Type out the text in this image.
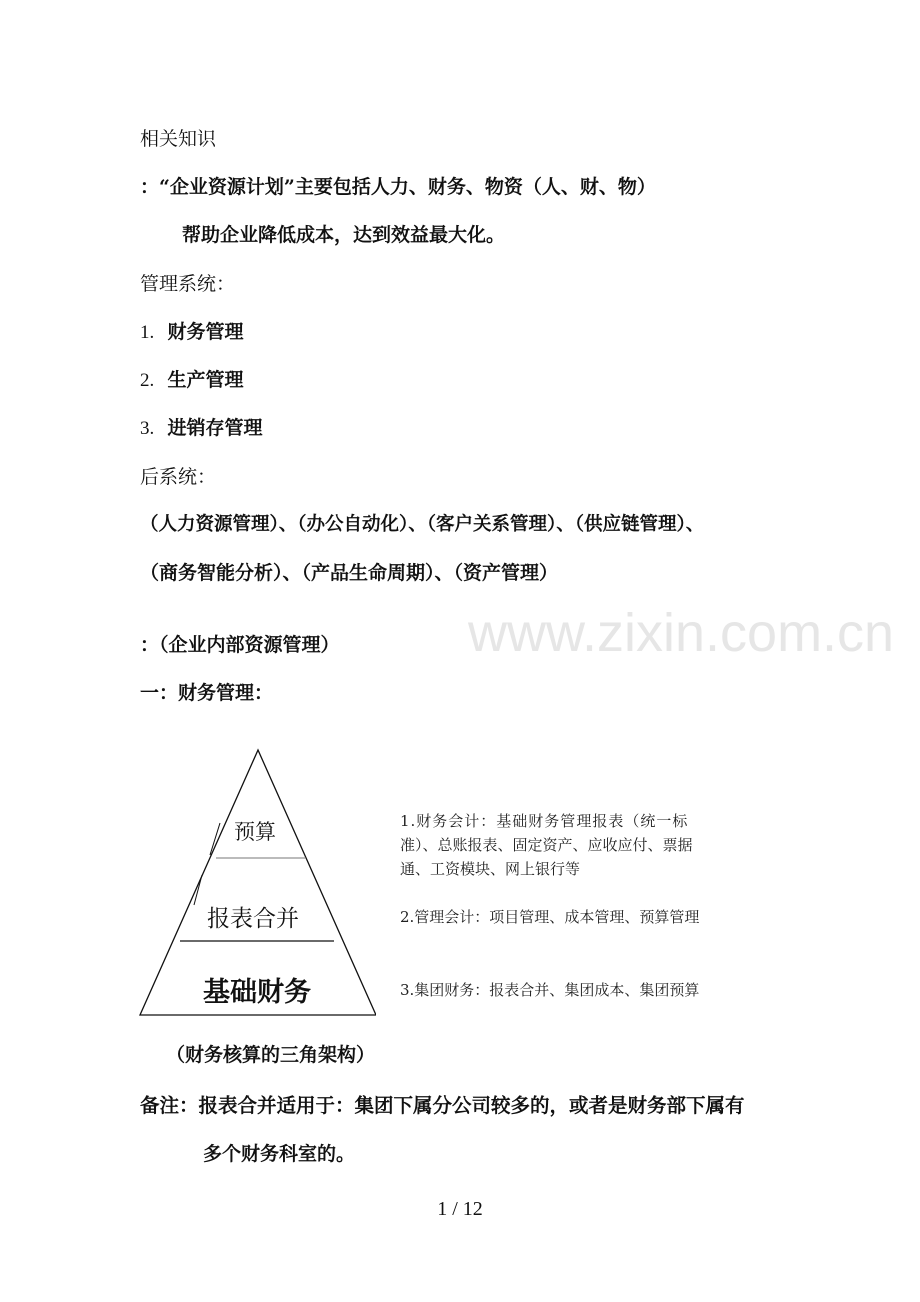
相关知识
：“企业资源计划”主要包括人力、财务、物资（人、财、物）
帮助企业降低成本，达到效益最大化。
管理系统：
1. 财务管理
2. 生产管理
3. 进销存管理
后系统：
（人力资源管理）、（办公自动化）、（客户关系管理）、（供应链管理）、
（商务智能分析）、（产品生命周期）、（资产管理）
www.zixin.com.cn
：（企业内部资源管理）
一：财务管理：
预算
报表合并
基础财务
1.财务会计：基础财务管理报表（统一标
准）、总账报表、固定资产、应收应付、票据
通、工资模块、网上银行等
2.管理会计：项目管理、成本管理、预算管理
3.集团财务：报表合并、集团成本、集团预算
（财务核算的三角架构）
备注：报表合并适用于：集团下属分公司较多的，或者是财务部下属有
多个财务科室的。
1 / 12
